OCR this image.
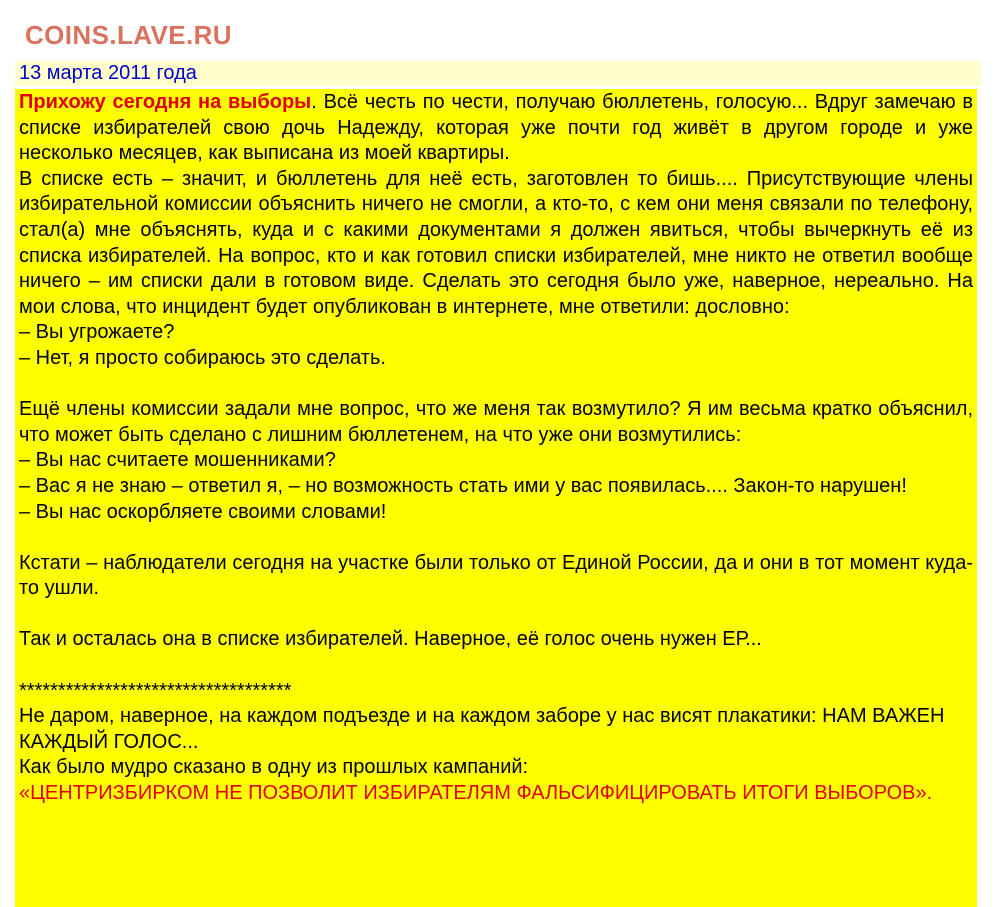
COINS.LAVE.RU
13 марта 2011 года

Прихожу сегодня на выборы. Всё честь по чести, получаю бюллетень, голосую... Вдруг замечаю в списке избирателей свою дочь Надежду, которая уже почти год живёт в другом городе и уже несколько месяцев, как выписана из моей квартиры.

В списке есть – значит, и бюллетень для неё есть, заготовлен то бишь.... Присутствующие члены избирательной комиссии объяснить ничего не смогли, а кто-то, с кем они меня связали по телефону, стал(а) мне объяснять, куда и с какими документами я должен явиться, чтобы вычеркнуть её из списка избирателей. На вопрос, кто и как готовил списки избирателей, мне никто не ответил вообще ничего – им списки дали в готовом виде. Сделать это сегодня было уже, наверное, нереально. На мои слова, что инцидент будет опубликован в интернете, мне ответили: дословно:

– Вы угрожаете?

– Нет, я просто собираюсь это сделать.

Ещё члены комиссии задали мне вопрос, что же меня так возмутило? Я им весьма кратко объяснил, что может быть сделано с лишним бюллетенем, на что уже они возмутились:

– Вы нас считаете мошенниками?

– Вас я не знаю – ответил я, – но возможность стать ими у вас появилась.... Закон-то нарушен!

– Вы нас оскорбляете своими словами!

Кстати – наблюдатели сегодня на участке были только от Единой России, да и они в тот момент куда-то ушли.

Так и осталась она в списке избирателей. Наверное, её голос очень нужен ЕР...

***********************************

Не даром, наверное, на каждом подъезде и на каждом заборе у нас висят плакатики: НАМ ВАЖЕН КАЖДЫЙ ГОЛОС...

Как было мудро сказано в одну из прошлых кампаний:

«ЦЕНТРИЗБИРКОМ НЕ ПОЗВОЛИТ ИЗБИРАТЕЛЯМ ФАЛЬСИФИЦИРОВАТЬ ИТОГИ ВЫБОРОВ».
